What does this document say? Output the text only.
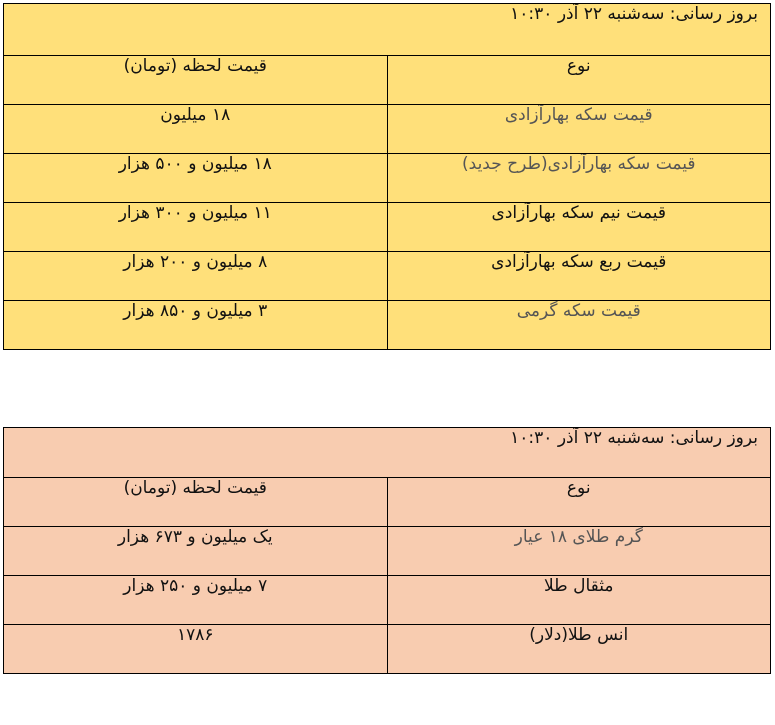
بروز رسانی: سه‌شنبه ۲۲ آذر ۱۰:۳۰	
نوع	قیمت لحظه (تومان)
قیمت سکه بهارآزادی	۱۸ میلیون
قیمت سکه بهارآزادی(طرح جدید)	۱۸ میلیون و ۵۰۰ هزار
قیمت نیم سکه بهارآزادی	۱۱ میلیون و ۳۰۰ هزار
قیمت ربع سکه بهارآزادی	۸ میلیون و ۲۰۰ هزار
قیمت سکه گرمی	۳ میلیون و ۸۵۰ هزار
بروز رسانی: سه‌شنبه ۲۲ آذر ۱۰:۳۰	
نوع	قیمت لحظه (تومان)
گرم طلای ۱۸ عیار	یک میلیون و ۶۷۳ هزار
مثقال طلا	۷ میلیون و ۲۵۰ هزار
انس طلا(دلار)	۱۷۸۶
